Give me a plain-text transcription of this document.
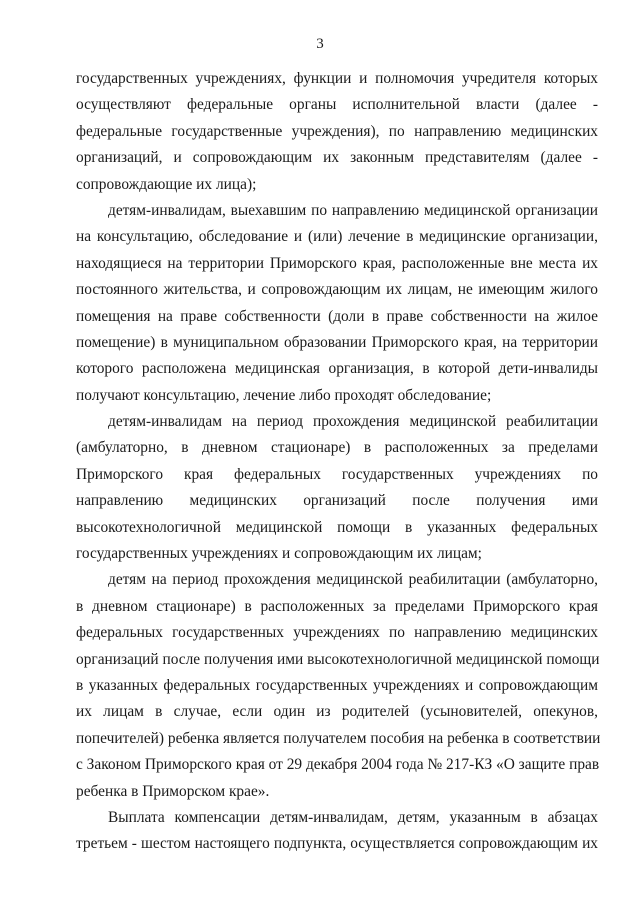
3
государственных учреждениях, функции и полномочия учредителя которых
осуществляют федеральные органы исполнительной власти (далее -
федеральные государственные учреждения), по направлению медицинских
организаций, и сопровождающим их законным представителям (далее -
сопровождающие их лица);
детям-инвалидам, выехавшим по направлению медицинской организации
на консультацию, обследование и (или) лечение в медицинские организации,
находящиеся на территории Приморского края, расположенные вне места их
постоянного жительства, и сопровождающим их лицам, не имеющим жилого
помещения на праве собственности (доли в праве собственности на жилое
помещение) в муниципальном образовании Приморского края, на территории
которого расположена медицинская организация, в которой дети-инвалиды
получают консультацию, лечение либо проходят обследование;
детям-инвалидам на период прохождения медицинской реабилитации
(амбулаторно, в дневном стационаре) в расположенных за пределами
Приморского края федеральных государственных учреждениях по
направлению медицинских организаций после получения ими
высокотехнологичной медицинской помощи в указанных федеральных
государственных учреждениях и сопровождающим их лицам;
детям на период прохождения медицинской реабилитации (амбулаторно,
в дневном стационаре) в расположенных за пределами Приморского края
федеральных государственных учреждениях по направлению медицинских
организаций после получения ими высокотехнологичной медицинской помощи
в указанных федеральных государственных учреждениях и сопровождающим
их лицам в случае, если один из родителей (усыновителей, опекунов,
попечителей) ребенка является получателем пособия на ребенка в соответствии
с Законом Приморского края от 29 декабря 2004 года № 217-КЗ «О защите прав
ребенка в Приморском крае».
Выплата компенсации детям-инвалидам, детям, указанным в абзацах
третьем - шестом настоящего подпункта, осуществляется сопровождающим их
